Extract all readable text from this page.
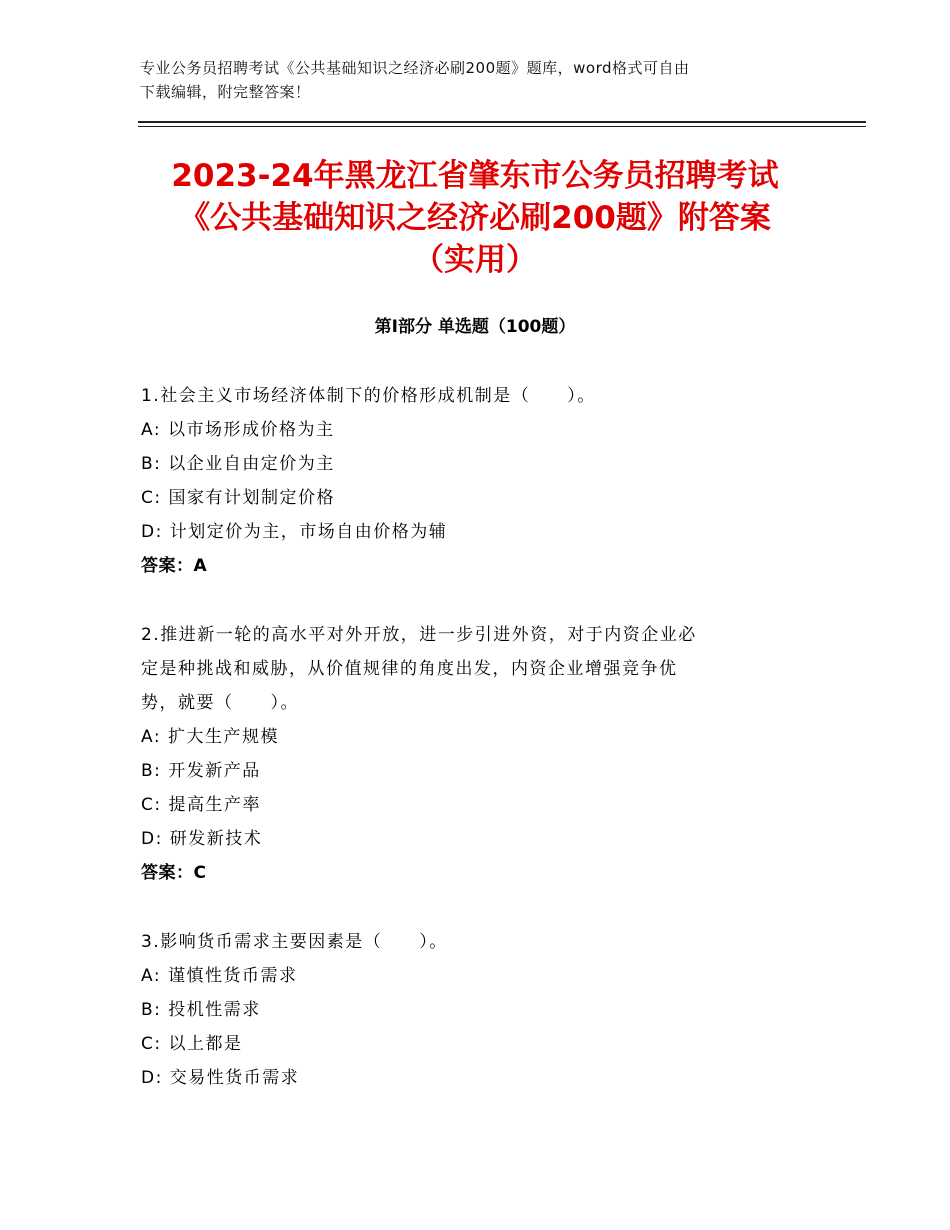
专业公务员招聘考试《公共基础知识之经济必刷200题》题库，word格式可自由
下载编辑，附完整答案！
2023-24年黑龙江省肇东市公务员招聘考试
《公共基础知识之经济必刷200题》附答案
（实用）
第Ⅰ部分 单选题（100题）
1.社会主义市场经济体制下的价格形成机制是（　　）。
A: 以市场形成价格为主
B: 以企业自由定价为主
C: 国家有计划制定价格
D: 计划定价为主，市场自由价格为辅
答案：A
2.推进新一轮的高水平对外开放，进一步引进外资，对于内资企业必
定是种挑战和威胁，从价值规律的角度出发，内资企业增强竞争优
势，就要（　　）。
A: 扩大生产规模
B: 开发新产品
C: 提高生产率
D: 研发新技术
答案：C
3.影响货币需求主要因素是（　　）。
A: 谨慎性货币需求
B: 投机性需求
C: 以上都是
D: 交易性货币需求
